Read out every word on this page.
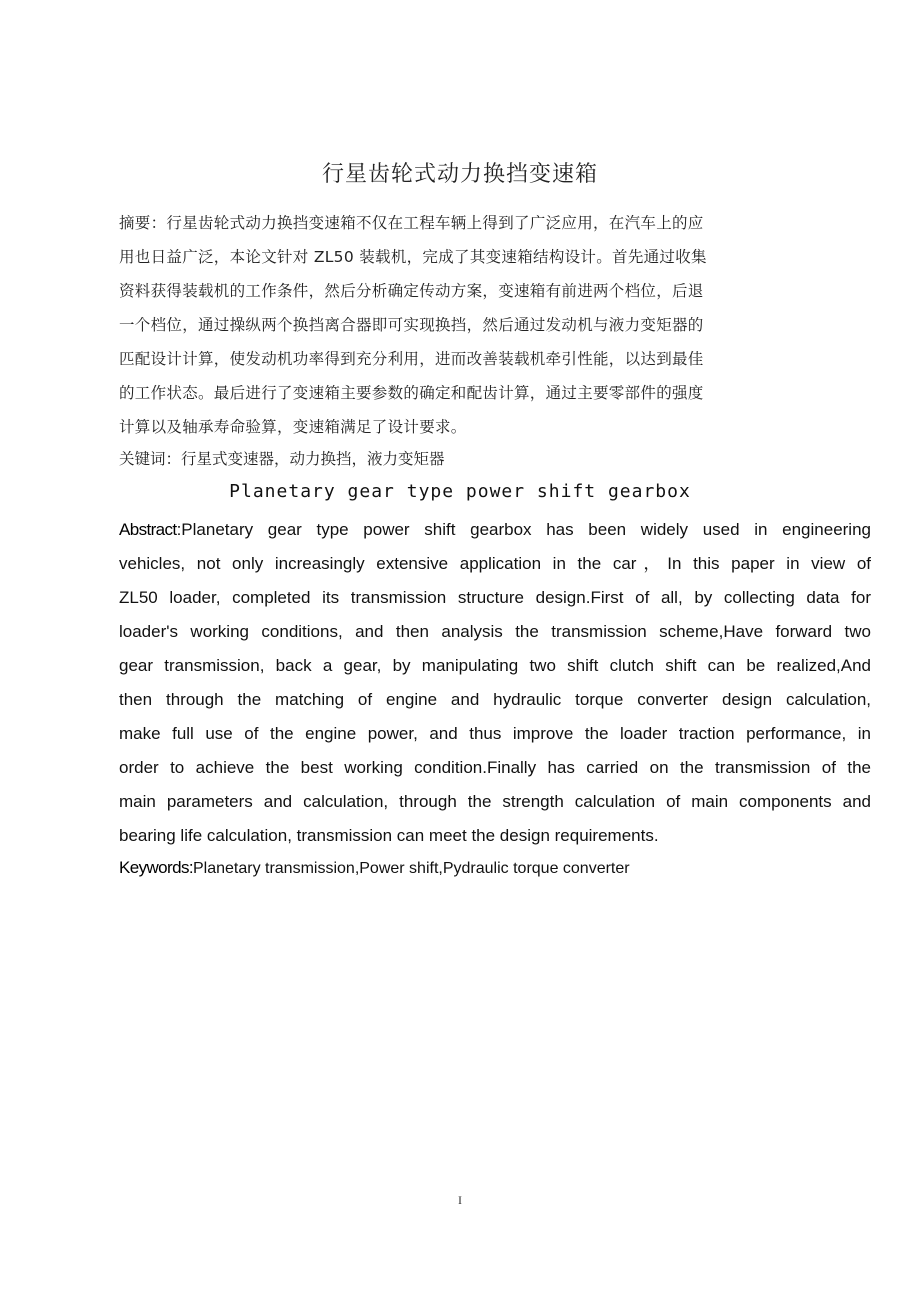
行星齿轮式动力换挡变速箱
摘要：行星齿轮式动力换挡变速箱不仅在工程车辆上得到了广泛应用，在汽车上的应
用也日益广泛，本论文针对 ZL50 装载机，完成了其变速箱结构设计。首先通过收集
资料获得装载机的工作条件，然后分析确定传动方案，变速箱有前进两个档位，后退
一个档位，通过操纵两个换挡离合器即可实现换挡，然后通过发动机与液力变矩器的
匹配设计计算，使发动机功率得到充分利用，进而改善装载机牵引性能，以达到最佳
的工作状态。最后进行了变速箱主要参数的确定和配齿计算，通过主要零部件的强度
计算以及轴承寿命验算，变速箱满足了设计要求。
关键词：行星式变速器，动力换挡，液力变矩器
Planetary gear type power shift gearbox
Abstract:Planetary gear type power shift gearbox has been widely used in engineering
vehicles, not only increasingly extensive application in the car，In this paper in view of
ZL50 loader, completed its transmission structure design.First of all, by collecting data for
loader's working conditions, and then analysis the transmission scheme,Have forward two
gear transmission, back a gear, by manipulating two shift clutch shift can be realized,And
then through the matching of engine and hydraulic torque converter design calculation,
make full use of the engine power, and thus improve the loader traction performance, in
order to achieve the best working condition.Finally has carried on the transmission of the
main parameters and calculation, through the strength calculation of main components and
bearing life calculation, transmission can meet the design requirements.
Keywords:Planetary transmission,Power shift,Pydraulic torque converter
I
